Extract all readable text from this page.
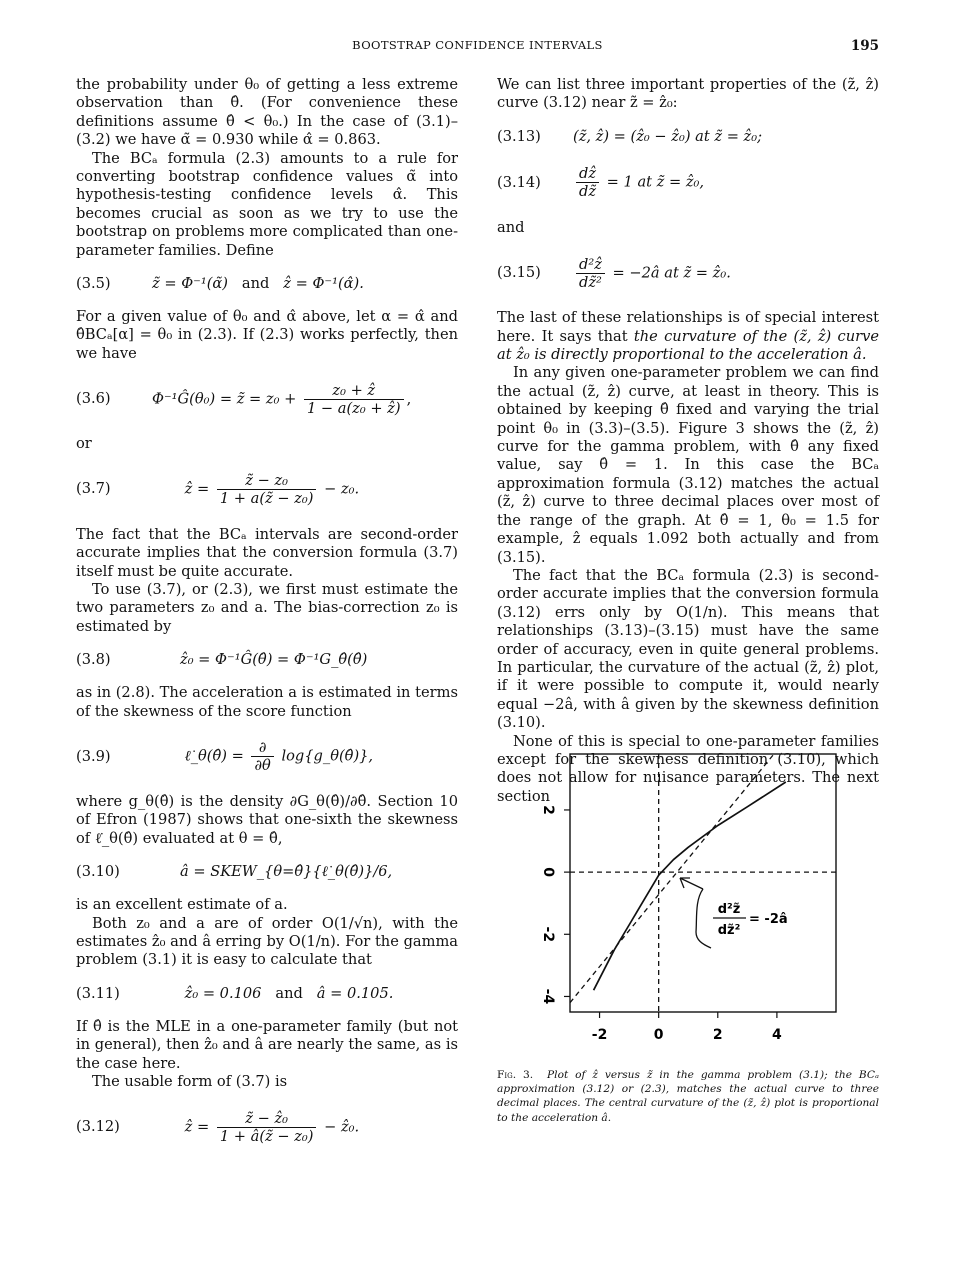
BOOTSTRAP CONFIDENCE INTERVALS	195

the probability under θ₀ of getting a less extreme observation than θ̂. (For convenience these definitions assume θ̂ < θ₀.) In the case of (3.1)–(3.2) we have α̃ = 0.930 while α̂ = 0.863.

The BCₐ formula (2.3) amounts to a rule for converting bootstrap confidence values α̃ into hypothesis-testing confidence levels α̂. This becomes crucial as soon as we try to use the bootstrap on problems more complicated than one-parameter families. Define

(3.5)	z̃ = Φ⁻¹(α̃) and ẑ = Φ⁻¹(α̂).

For a given value of θ₀ and α̂ above, let α = α̂ and θ̂BCₐ[α] = θ₀ in (2.3). If (2.3) works perfectly, then we have

(3.6)	Φ⁻¹Ĝ(θ₀) = z̃ = $z_0 + \frac{\text{z₀ + ẑ}}{\text{1 − a(z₀ + ẑ)}}$ ,

or

(3.7)	ẑ = $\frac{\text{z̃ − z₀}}{\text{1 + a(z̃ − z₀)}} - z_0$.

The fact that the BCₐ intervals are second-order accurate implies that the conversion formula (3.7) itself must be quite accurate.

To use (3.7), or (2.3), we first must estimate the two parameters z₀ and a. The bias-correction z₀ is estimated by

(3.8)	ẑ₀ = Φ⁻¹Ĝ(θ̂) = Φ⁻¹G_θ̂(θ̂)

as in (2.8). The acceleration a is estimated in terms of the skewness of the score function

(3.9)	ℓ̇_θ(θ̂) = $\frac{\partial}{\partial\theta}$ log{g_θ(θ̂)},

where g_θ(θ̂) is the density ∂G_θ(θ̂)/∂θ̂. Section 10 of Efron (1987) shows that one-sixth the skewness of ℓ̇_θ(θ̂) evaluated at θ = θ̂,

(3.10)	â = SKEW_{θ=θ̂}{ℓ̇_θ(θ̂)}/6,

is an excellent estimate of a.

Both z₀ and a are of order O(1/√n), with the estimates ẑ₀ and â erring by O(1/n). For the gamma problem (3.1) it is easy to calculate that

(3.11)	ẑ₀ = 0.106 and â = 0.105.

If θ̂ is the MLE in a one-parameter family (but not in general), then ẑ₀ and â are nearly the same, as is the case here.

The usable form of (3.7) is

(3.12)	ẑ = $\frac{\text{z̃ − ẑ₀}}{\text{1 + â(z̃ − z₀)}}$ − ẑ₀.

We can list three important properties of the (z̃, ẑ) curve (3.12) near z̃ = ẑ₀:

(3.13)	(z̃, ẑ) = (ẑ₀ − ẑ₀) at z̃ = ẑ₀;
(3.14)	$\frac{\text{dẑ}}{dz̃} = 1$ at z̃ = ẑ₀,

and

(3.15)	$\frac{\text{d²ẑ}}{\text{dz̃²}}$ = −2â at z̃ = ẑ₀.

The last of these relationships is of special interest here. It says that the curvature of the (z̃, ẑ) curve at ẑ₀ is directly proportional to the acceleration â.

In any given one-parameter problem we can find the actual (z̃, ẑ) curve, at least in theory. This is obtained by keeping θ̂ fixed and varying the trial point θ₀ in (3.3)–(3.5). Figure 3 shows the (z̃, ẑ) curve for the gamma problem, with θ̂ any fixed value, say θ̂ = 1. In this case the BCₐ approximation formula (3.12) matches the actual (z̃, ẑ) curve to three decimal places over most of the range of the graph. At θ̂ = 1, θ₀ = 1.5 for example, ẑ equals 1.092 both actually and from (3.15).

The fact that the BCₐ formula (2.3) is second-order accurate implies that the conversion formula (3.12) errs only by O(1/n). This means that relationships (3.13)–(3.15) must have the same order of accuracy, even in quite general problems. In particular, the curvature of the actual (z̃, ẑ) plot, if it were possible to compute it, would nearly equal −2â, with â given by the skewness definition (3.10).

None of this is special to one-parameter families except for the skewness definition (3.10), which does not allow for nuisance parameters. The next section

-2	0	2	4
-4
-2
0
2
d²z̃
dz̃²
= -2â
Fig. 3. Plot of ẑ versus z̃ in the gamma problem (3.1); the BCₐ approximation (3.12) or (2.3), matches the actual curve to three decimal places. The central curvature of the (z̃, ẑ) plot is proportional to the acceleration â.
